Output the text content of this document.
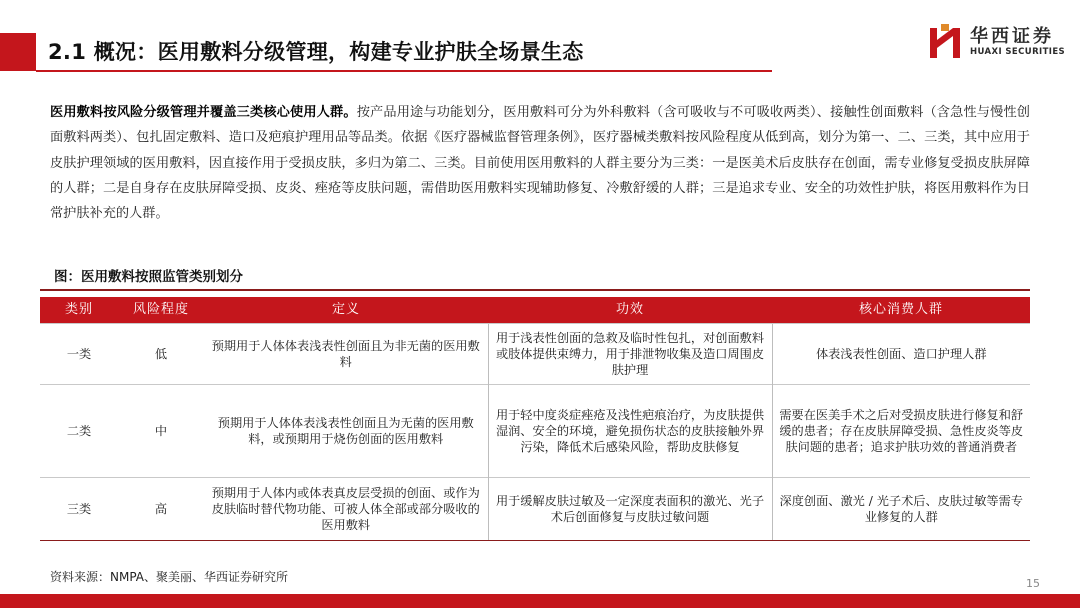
2.1 概况：医用敷料分级管理，构建专业护肤全场景生态
华西证券
HUAXI SECURITIES
医用敷料按风险分级管理并覆盖三类核心使用人群。按产品用途与功能划分，医用敷料可分为外科敷料（含可吸收与不可吸收两类）、接触性创面敷料（含急性与慢性创面敷料两类）、包扎固定敷料、造口及疤痕护理用品等品类。依据《医疗器械监督管理条例》，医疗器械类敷料按风险程度从低到高，划分为第一、二、三类，其中应用于皮肤护理领域的医用敷料，因直接作用于受损皮肤，多归为第二、三类。目前使用医用敷料的人群主要分为三类：一是医美术后皮肤存在创面，需专业修复受损皮肤屏障的人群；二是自身存在皮肤屏障受损、皮炎、痤疮等皮肤问题，需借助医用敷料实现辅助修复、冷敷舒缓的人群；三是追求专业、安全的功效性护肤，将医用敷料作为日常护肤补充的人群。
图：医用敷料按照监管类别划分
类别	风险程度	定义	功效	核心消费人群
一类	低	预期用于人体体表浅表性创面且为非无菌的医用敷料	用于浅表性创面的急救及临时性包扎，对创面敷料或肢体提供束缚力，用于排泄物收集及造口周围皮肤护理	体表浅表性创面、造口护理人群
二类	中	预期用于人体体表浅表性创面且为无菌的医用敷料，或预期用于烧伤创面的医用敷料	用于轻中度炎症痤疮及浅性疤痕治疗，为皮肤提供湿润、安全的环境，避免损伤状态的皮肤接触外界污染，降低术后感染风险，帮助皮肤修复	需要在医美手术之后对受损皮肤进行修复和舒缓的患者；存在皮肤屏障受损、急性皮炎等皮肤问题的患者；追求护肤功效的普通消费者
三类	高	预期用于人体内或体表真皮层受损的创面、或作为皮肤临时替代物功能、可被人体全部或部分吸收的医用敷料	用于缓解皮肤过敏及一定深度表面积的激光、光子术后创面修复与皮肤过敏问题	深度创面、激光 / 光子术后、皮肤过敏等需专业修复的人群
资料来源：NMPA、聚美丽、华西证券研究所	15
